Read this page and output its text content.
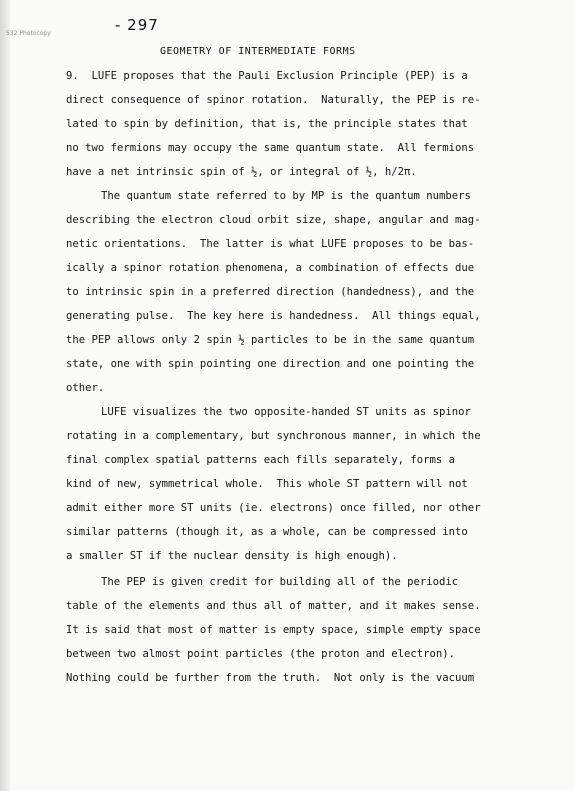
532 Photocopy	- 297
GEOMETRY OF INTERMEDIATE FORMS
9.  LUFE proposes that the Pauli Exclusion Principle (PEP) is a
direct consequence of spinor rotation.  Naturally, the PEP is re-
lated to spin by definition, that is, the principle states that
no two fermions may occupy the same quantum state.  All fermions
have a net intrinsic spin of ½, or integral of ½, h/2π.
The quantum state referred to by MP is the quantum numbers
describing the electron cloud orbit size, shape, angular and mag-
netic orientations.  The latter is what LUFE proposes to be bas-
ically a spinor rotation phenomena, a combination of effects due
to intrinsic spin in a preferred direction (handedness), and the
generating pulse.  The key here is handedness.  All things equal,
the PEP allows only 2 spin ½ particles to be in the same quantum
state, one with spin pointing one direction and one pointing the
other.
LUFE visualizes the two opposite-handed ST units as spinor
rotating in a complementary, but synchronous manner, in which the
final complex spatial patterns each fills separately, forms a
kind of new, symmetrical whole.  This whole ST pattern will not
admit either more ST units (ie. electrons) once filled, nor other
similar patterns (though it, as a whole, can be compressed into
a smaller ST if the nuclear density is high enough).
The PEP is given credit for building all of the periodic
table of the elements and thus all of matter, and it makes sense.
It is said that most of matter is empty space, simple empty space
between two almost point particles (the proton and electron).
Nothing could be further from the truth.  Not only is the vacuum
